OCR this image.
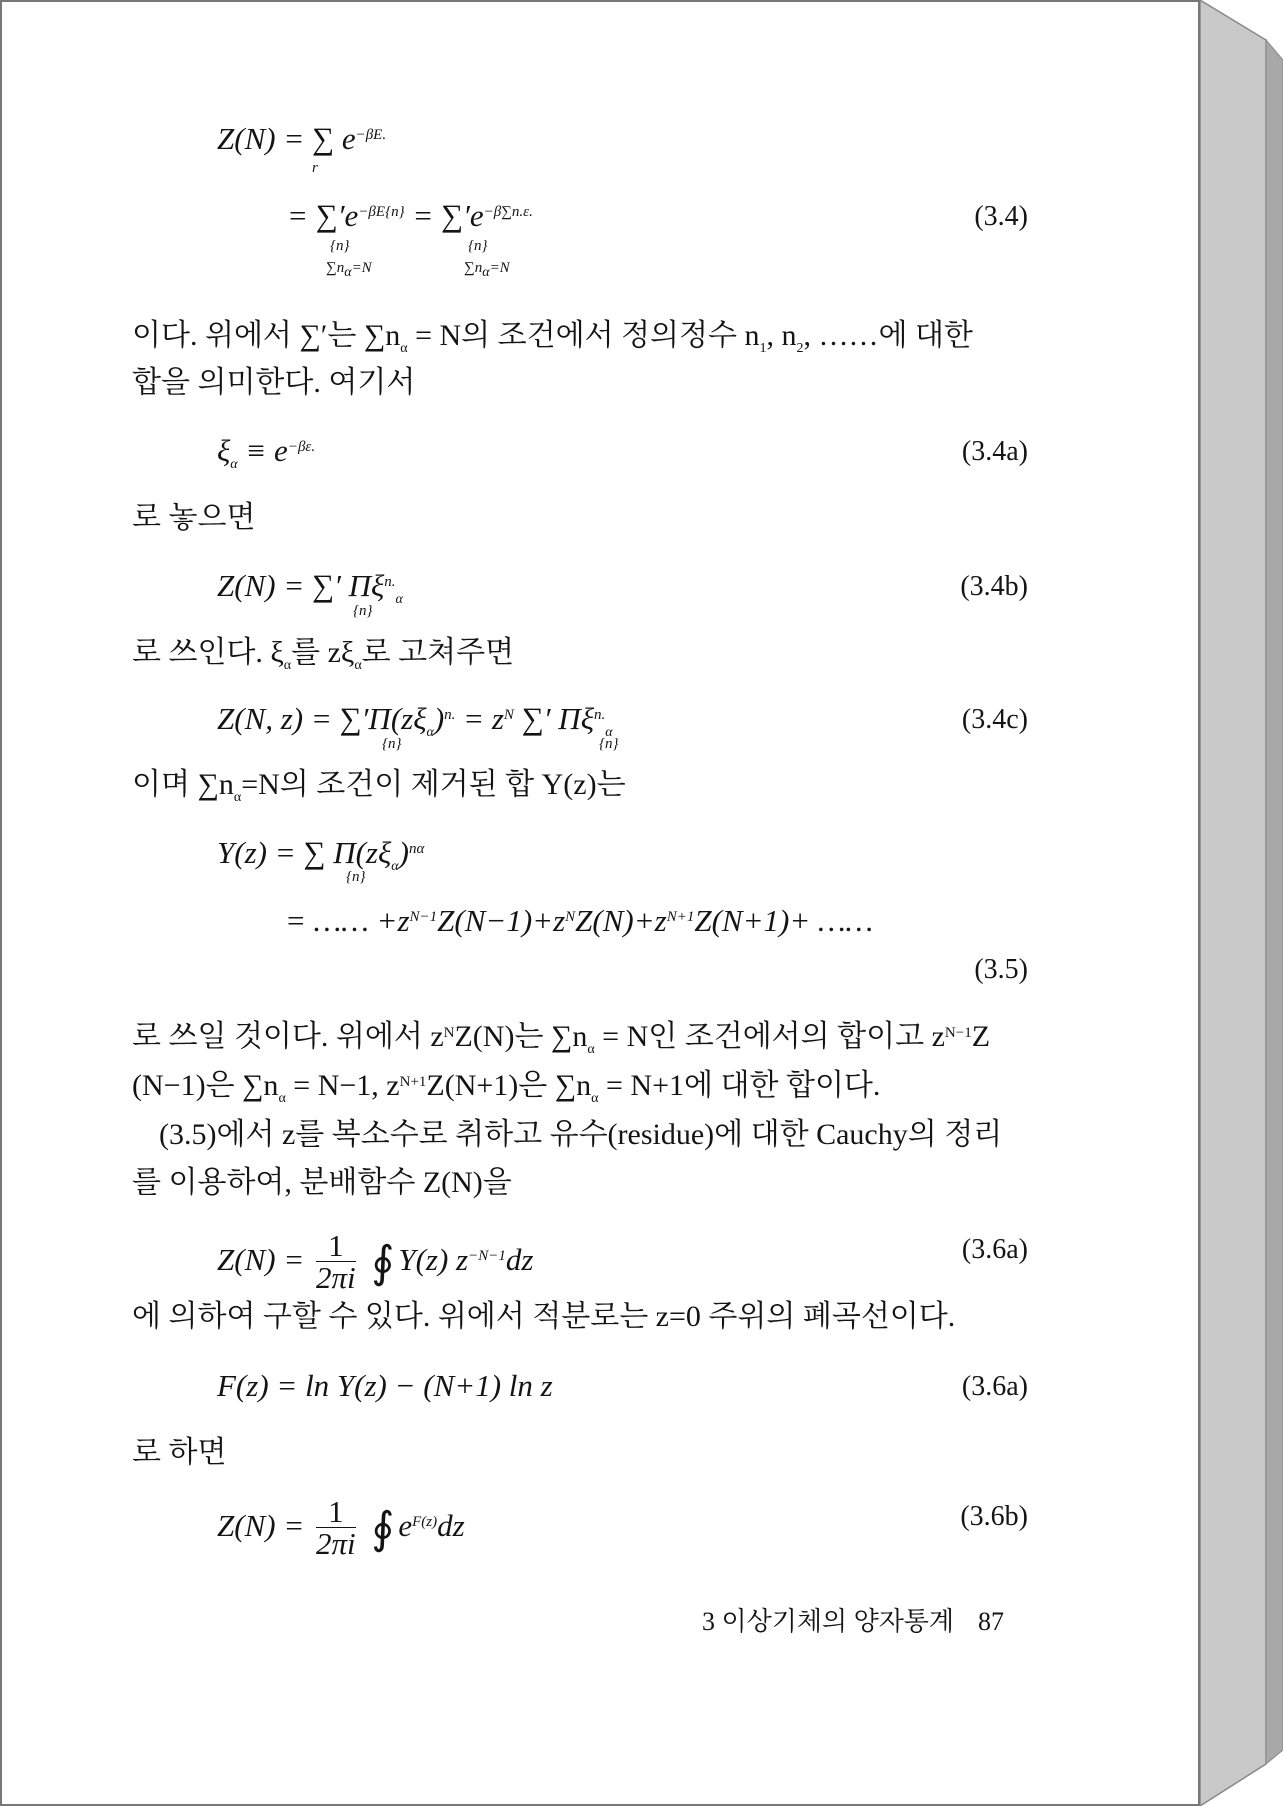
Z(N) = ∑ $e^{-\beta E.}$
r
= $\sum'e^{-\beta E\{n\}} = \sum'e^{-\beta\sum n.\varepsilon.}$
{n}
$\sum n_\alpha=N$
{n}
$\sum n_\alpha=N$
(3.4)
이다. 위에서 ∑′는 $\sum n_\alpha = N$의 조건에서 정의정수 $n_1$, $n_2$, ……에 대한
합을 의미한다. 여기서
$\xi_\alpha \equiv e^{-\beta\varepsilon.}$	(3.4a)
로 놓으면
Z(N) = ∑′ $\Pi\xi^{n.}_\alpha$
{n}
(3.4b)
로 쓰인다. $\xi_\alpha$를 $z\xi_\alpha$로 고쳐주면
Z(N, $z) = \sum'\Pi(z\xi_\alpha)^{n.} = z^N$ ∑′ $\Pi\xi^{n.}_\alpha$
{n}	{n}
(3.4c)
이며 $\sum n_\alpha=N$의 조건이 제거된 합 Y(z)는
Y(z) = ∑ $\Pi(z\xi_\alpha)^{n\alpha}$
{n}
= …… $+z^{N-1}Z(N-1)+z^NZ(N)+z^{N+1}Z(N+1)+$ ……
(3.5)
로 쓰일 것이다. 위에서 $z^NZ(N)$는 $\sum n_\alpha = N$인 조건에서의 합이고 $z^{N-1}Z$
(N−1)은 $\sum n_\alpha = N-1$, $z^{N+1}Z(N+1)$은 $\sum n_\alpha = N+1$에 대한 합이다.
(3.5)에서 z를 복소수로 취하고 유수(residue)에 대한 Cauchy의 정리
를 이용하여, 분배함수 Z(N)을
$Z(N) = \frac{1}{2\pi i}$ ∮ Y(z) $z^{-N-1}dz$	(3.6a)
에 의하여 구할 수 있다. 위에서 적분로는 z=0 주위의 폐곡선이다.
F(z) = ln Y(z) − (N+1) ln z	(3.6a)
로 하면
$Z(N) = \frac{1}{2\pi i}$ ∮ $e^{F(z)}dz$	(3.6b)
3 이상기체의 양자통계 87
